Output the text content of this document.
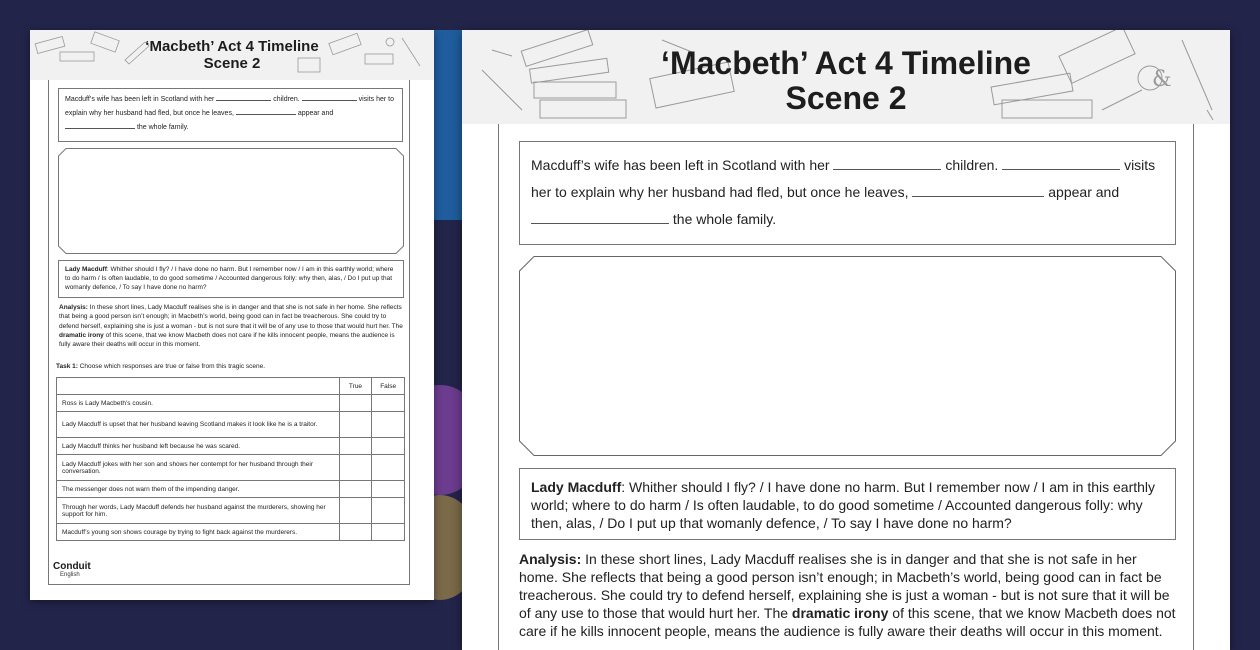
‘Macbeth’ Act 4 Timeline
Scene 2
Macduff’s wife has been left in Scotland with her	children.	visits her to explain why her husband had fled, but once he leaves,	appear and  the whole family.
Lady Macduff: Whither should I fly? / I have done no harm. But I remember now / I am in this earthly world; where to do harm / Is often laudable, to do good sometime / Accounted dangerous folly: why then, alas, / Do I put up that womanly defence, / To say I have done no harm?
Analysis: In these short lines, Lady Macduff realises she is in danger and that she is not safe in her home. She reflects that being a good person isn’t enough; in Macbeth’s world, being good can in fact be treacherous. She could try to defend herself, explaining she is just a woman - but is not sure that it will be of any use to those that would hurt her. The dramatic irony of this scene, that we know Macbeth does not care if he kills innocent people, means the audience is fully aware their deaths will occur in this moment.
Task 1: Choose which responses are true or false from this tragic scene.
	True	False
Ross is Lady Macbeth’s cousin.		
Lady Macduff is upset that her husband leaving Scotland makes it look like he is a traitor.		
Lady Macduff thinks her husband left because he was scared.		
Lady Macduff jokes with her son and shows her contempt for her husband through their conversation.		
The messenger does not warn them of the impending danger.		
Through her words, Lady Macduff defends her husband against the murderers, showing her support for him.		
Macduff’s young son shows courage by trying to fight back against the murderers.		
Conduit
English
&
‘Macbeth’ Act 4 Timeline
Scene 2
Macduff’s wife has been left in Scotland with her	children.	visits her to explain why her husband had fled, but once he leaves,	appear and  the whole family.
Lady Macduff: Whither should I fly? / I have done no harm. But I remember now / I am in this earthly world; where to do harm / Is often laudable, to do good sometime / Accounted dangerous folly: why then, alas, / Do I put up that womanly defence, / To say I have done no harm?
Analysis: In these short lines, Lady Macduff realises she is in danger and that she is not safe in her home. She reflects that being a good person isn’t enough; in Macbeth’s world, being good can in fact be treacherous. She could try to defend herself, explaining she is just a woman - but is not sure that it will be of any use to those that would hurt her. The dramatic irony of this scene, that we know Macbeth does not care if he kills innocent people, means the audience is fully aware their deaths will occur in this moment.
